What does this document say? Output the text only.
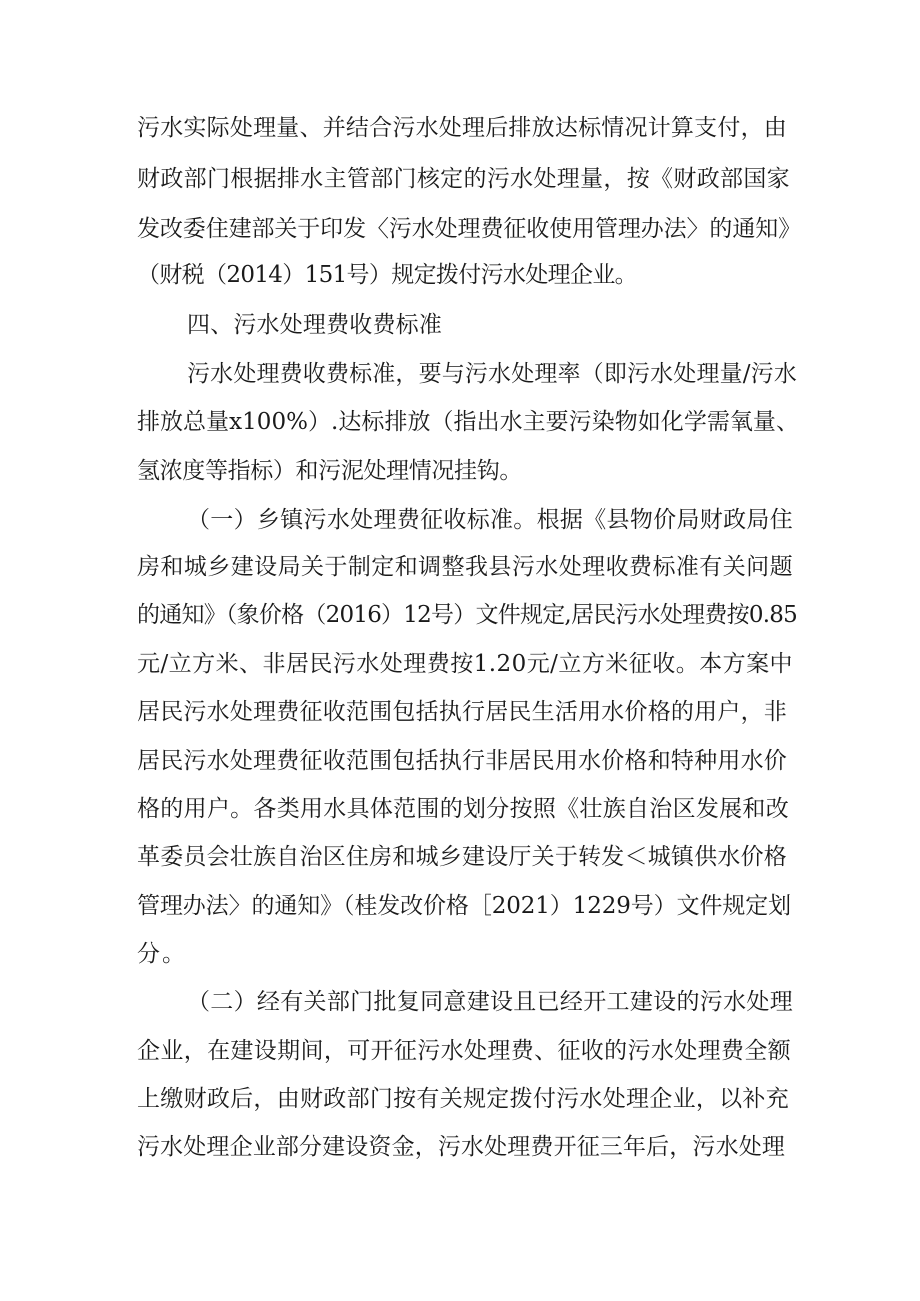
污水实际处理量、并结合污水处理后排放达标情况计算支付，由
财政部门根据排水主管部门核定的污水处理量，按《财政部国家
发改委住建部关于印发〈污水处理费征收使用管理办法〉的通知》
（财税（2014）151号）规定拨付污水处理企业。
四、污水处理费收费标准
污水处理费收费标准，要与污水处理率（即污水处理量/污水
排放总量x100%）.达标排放（指出水主要污染物如化学需氧量、
氢浓度等指标）和污泥处理情况挂钩。
（一）乡镇污水处理费征收标准。根据《县物价局财政局住
房和城乡建设局关于制定和调整我县污水处理收费标准有关问题
的通知》（象价格（2016）12号）文件规定,居民污水处理费按0.85
元/立方米、非居民污水处理费按1.20元/立方米征收。本方案中
居民污水处理费征收范围包括执行居民生活用水价格的用户，非
居民污水处理费征收范围包括执行非居民用水价格和特种用水价
格的用户。各类用水具体范围的划分按照《壮族自治区发展和改
革委员会壮族自治区住房和城乡建设厅关于转发＜城镇供水价格
管理办法〉的通知》（桂发改价格［2021）1229号）文件规定划
分。
（二）经有关部门批复同意建设且已经开工建设的污水处理
企业，在建设期间，可开征污水处理费、征收的污水处理费全额
上缴财政后，由财政部门按有关规定拨付污水处理企业，以补充
污水处理企业部分建设资金，污水处理费开征三年后，污水处理
